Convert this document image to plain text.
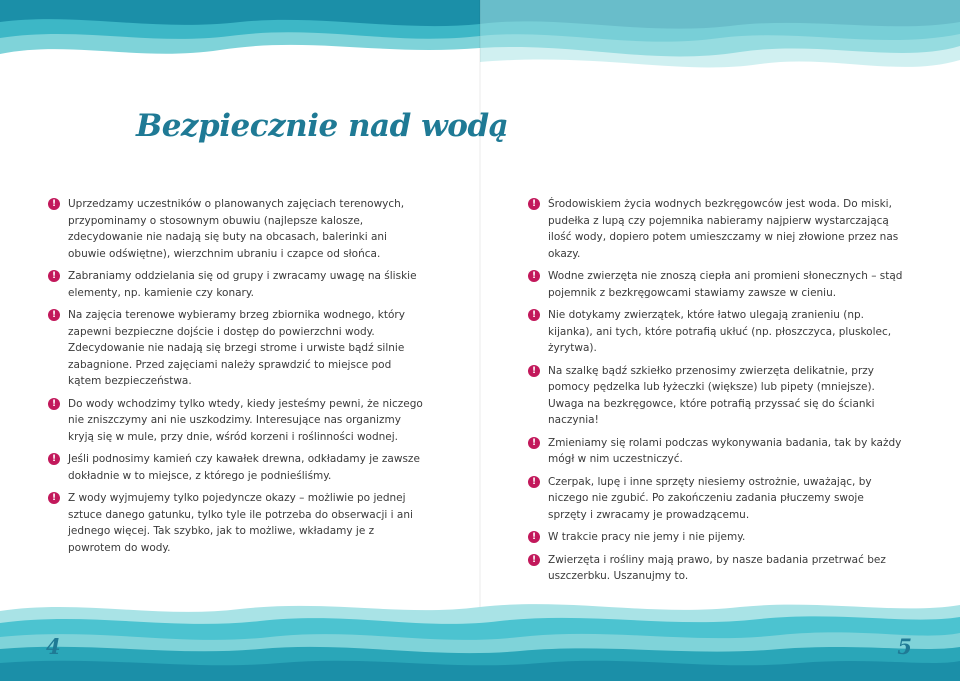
Bezpiecznie nad wodą
!	Uprzedzamy uczestników o planowanych zajęciach terenowych, przypominamy o stosownym obuwiu (najlepsze kalosze, zdecydowanie nie nadają się buty na obcasach, balerinki ani obuwie odświętne), wierzchnim ubraniu i czapce od słońca.
!	Zabraniamy oddzielania się od grupy i zwracamy uwagę na śliskie elementy, np. kamienie czy konary.
!	Na zajęcia terenowe wybieramy brzeg zbiornika wodnego, który zapewni bezpieczne dojście i dostęp do powierzchni wody. Zdecydowanie nie nadają się brzegi strome i urwiste bądź silnie zabagnione. Przed zajęciami należy sprawdzić to miejsce pod kątem bezpieczeństwa.
!	Do wody wchodzimy tylko wtedy, kiedy jesteśmy pewni, że niczego nie zniszczymy ani nie uszkodzimy. Interesujące nas organizmy kryją się w mule, przy dnie, wśród korzeni i roślinności wodnej.
!	Jeśli podnosimy kamień czy kawałek drewna, odkładamy je zawsze dokładnie w to miejsce, z którego je podnieśliśmy.
!	Z wody wyjmujemy tylko pojedyncze okazy – możliwie po jednej sztuce danego gatunku, tylko tyle ile potrzeba do obserwacji i ani jednego więcej. Tak szybko, jak to możliwe, wkładamy je z powrotem do wody.
!	Środowiskiem życia wodnych bezkręgowców jest woda. Do miski, pudełka z lupą czy pojemnika nabieramy najpierw wystarczającą ilość wody, dopiero potem umieszczamy w niej złowione przez nas okazy.
!	Wodne zwierzęta nie znoszą ciepła ani promieni słonecznych – stąd pojemnik z bezkręgowcami stawiamy zawsze w cieniu.
!	Nie dotykamy zwierzątek, które łatwo ulegają zranieniu (np. kijanka), ani tych, które potrafią ukłuć (np. płoszczyca, pluskolec, żyrytwa).
!	Na szalkę bądź szkiełko przenosimy zwierzęta delikatnie, przy pomocy pędzelka lub łyżeczki (większe) lub pipety (mniejsze). Uwaga na bezkręgowce, które potrafią przyssać się do ścianki naczynia!
!	Zmieniamy się rolami podczas wykonywania badania, tak by każdy mógł w nim uczestniczyć.
!	Czerpak, lupę i inne sprzęty niesiemy ostrożnie, uważając, by niczego nie zgubić. Po zakończeniu zadania płuczemy swoje sprzęty i zwracamy je prowadzącemu.
!	W trakcie pracy nie jemy i nie pijemy.
!	Zwierzęta i rośliny mają prawo, by nasze badania przetrwać bez uszczerbku. Uszanujmy to.
4	5
